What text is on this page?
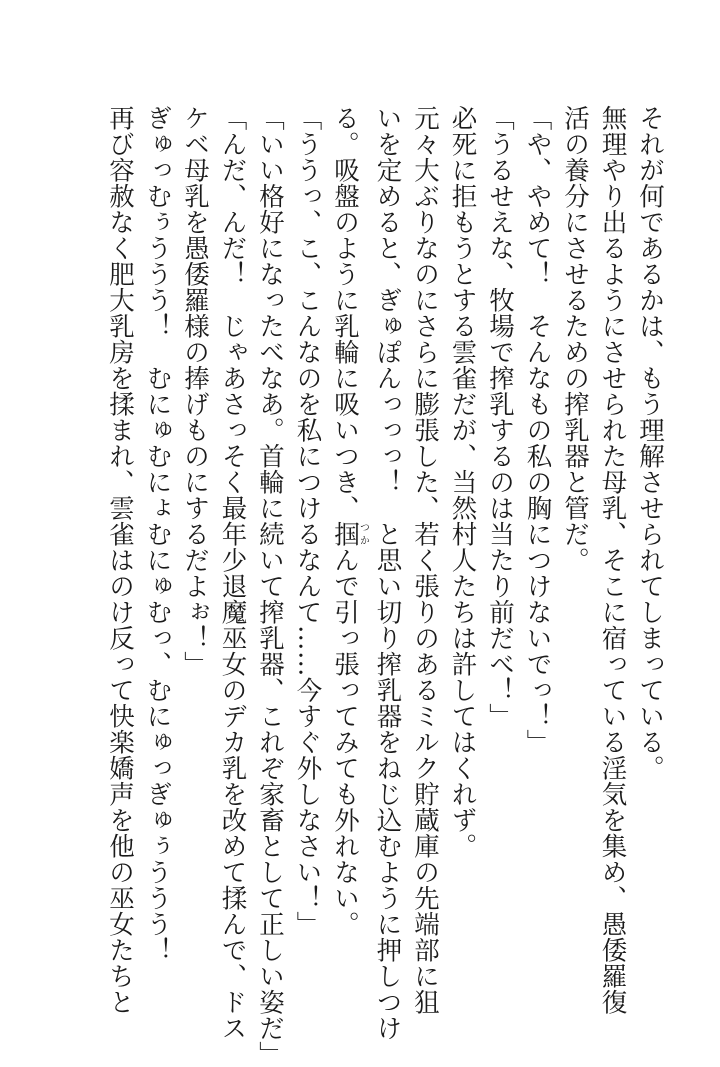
それが何であるかは、もう理解させられてしまっている。
無理やり出るようにさせられた母乳、そこに宿っている淫気を集め、愚倭羅復
活の養分にさせるための搾乳器と管だ。
「や、やめて！　そんなもの私の胸につけないでっ！」
「うるせえな、牧場で搾乳するのは当たり前だべ！」
必死に拒もうとする雲雀だが、当然村人たちは許してはくれず。
元々大ぶりなのにさらに膨張した、若く張りのあるミルク貯蔵庫の先端部に狙
いを定めると、ぎゅぽんっっっ！　と思い切り搾乳器をねじ込むように押しつけ
る。吸盤のように乳輪に吸いつき、掴つかんで引っ張ってみても外れない。
「ううっ、こ、こんなのを私につけるなんて……今すぐ外しなさい！」
「いい格好になったべなあ。首輪に続いて搾乳器、これぞ家畜として正しい姿だ」
「んだ、んだ！　じゃあさっそく最年少退魔巫女のデカ乳を改めて揉んで、ドス
ケベ母乳を愚倭羅様の捧げものにするだよぉ！」
ぎゅっむぅううう！　むにゅむにょむにゅむっ、むにゅっぎゅぅううう！
再び容赦なく肥大乳房を揉まれ、雲雀はのけ反って快楽嬌声を他の巫女たちと
